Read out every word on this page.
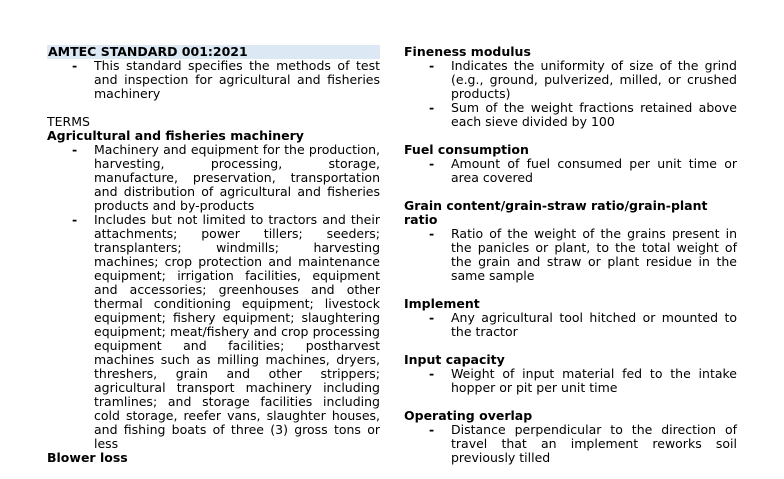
AMTEC STANDARD 001:2021
- This standard specifies the methods of test and inspection for agricultural and fisheries machinery
TERMS
Agricultural and fisheries machinery
- Machinery and equipment for the production, harvesting, processing, storage, manufacture, preservation, transportation and distribution of agricultural and fisheries products and by-products
- Includes but not limited to tractors and their attachments; power tillers; seeders; transplanters; windmills; harvesting machines; crop protection and maintenance equipment; irrigation facilities, equipment and accessories; greenhouses and other thermal conditioning equipment; livestock equipment; fishery equipment; slaughtering equipment; meat/fishery and crop processing equipment and facilities; postharvest machines such as milling machines, dryers, threshers, grain and other strippers; agricultural transport machinery including tramlines; and storage facilities including cold storage, reefer vans, slaughter houses, and fishing boats of three (3) gross tons or less
Blower loss
Fineness modulus
- Indicates the uniformity of size of the grind (e.g., ground, pulverized, milled, or crushed products)
- Sum of the weight fractions retained above each sieve divided by 100
Fuel consumption
- Amount of fuel consumed per unit time or area covered
Grain content/grain-straw ratio/grain-plant ratio
- Ratio of the weight of the grains present in the panicles or plant, to the total weight of the grain and straw or plant residue in the same sample
Implement
- Any agricultural tool hitched or mounted to the tractor
Input capacity
- Weight of input material fed to the intake hopper or pit per unit time
Operating overlap
- Distance perpendicular to the direction of travel that an implement reworks soil previously tilled
